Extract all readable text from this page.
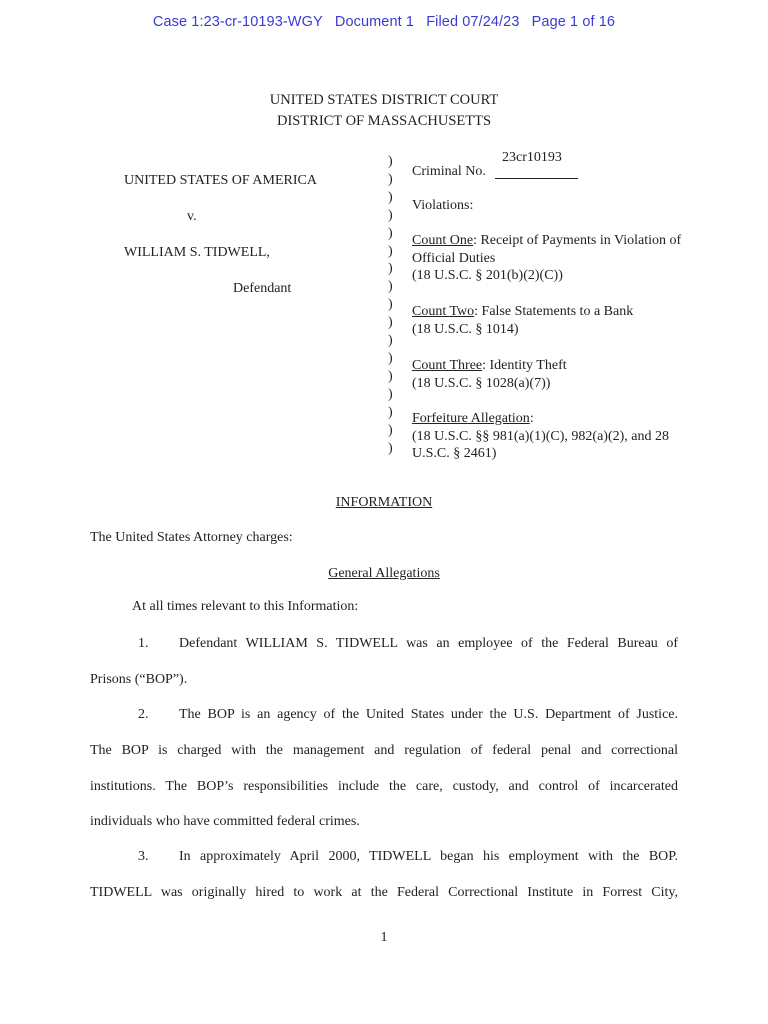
Case 1:23-cr-10193-WGY Document 1 Filed 07/24/23 Page 1 of 16
UNITED STATES DISTRICT COURT
DISTRICT OF MASSACHUSETTS
UNITED STATES OF AMERICA
v.
WILLIAM S. TIDWELL,
Defendant
)
)
)
)
)
)
)
)
)
)
)
)
)
)
)
)
)
23cr10193
Criminal No.
Violations:
Count One: Receipt of Payments in Violation of
Official Duties
(18 U.S.C. § 201(b)(2)(C))
Count Two: False Statements to a Bank
(18 U.S.C. § 1014)
Count Three: Identity Theft
(18 U.S.C. § 1028(a)(7))
Forfeiture Allegation:
(18 U.S.C. §§ 981(a)(1)(C), 982(a)(2), and 28
U.S.C. § 2461)
INFORMATION
The United States Attorney charges:
General Allegations
At all times relevant to this Information:
1. Defendant WILLIAM S. TIDWELL was an employee of the Federal Bureau of
Prisons (“BOP”).
2. The BOP is an agency of the United States under the U.S. Department of Justice.
The BOP is charged with the management and regulation of federal penal and correctional
institutions. The BOP’s responsibilities include the care, custody, and control of incarcerated
individuals who have committed federal crimes.
3. In approximately April 2000, TIDWELL began his employment with the BOP.
TIDWELL was originally hired to work at the Federal Correctional Institute in Forrest City,
1
